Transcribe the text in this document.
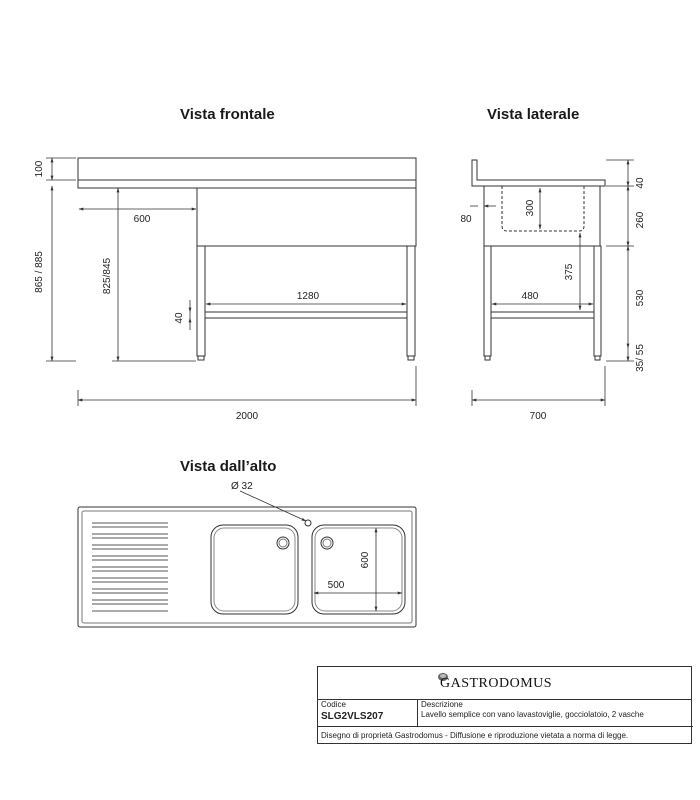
Vista frontale	Vista laterale
Vista dall’alto
100
865 / 885	825/845
40
600
1280
2000
80
300
375
480
40
260
530
35/ 55
700
Ø 32
500
600
GASTRODOMUS
Codice
SLG2VLS207
Descrizione
Lavello semplice con vano lavastoviglie, gocciolatoio, 2 vasche
Disegno di proprietà Gastrodomus - Diffusione e riproduzione vietata a norma di legge.
